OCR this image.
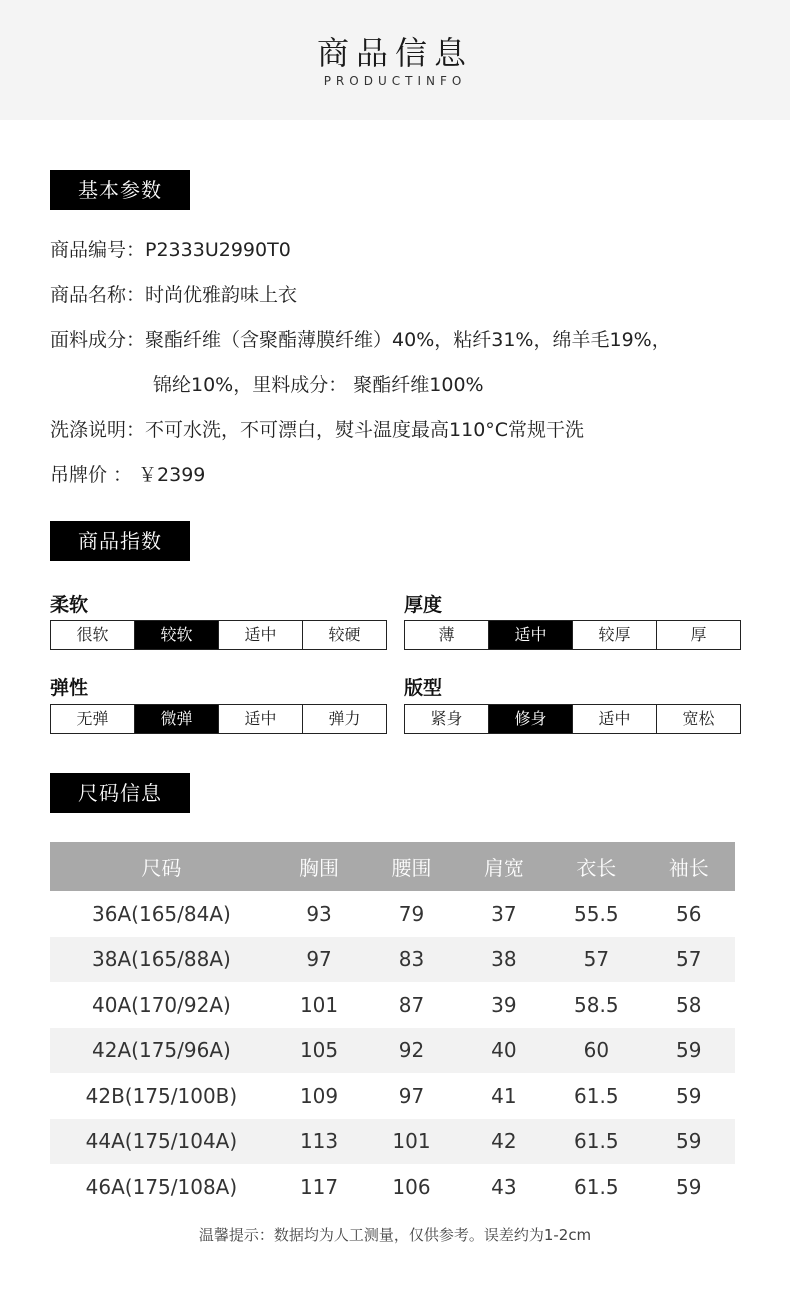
商品信息
PRODUCTINFO
基本参数
商品编号：P2333U2990T0
商品名称：时尚优雅韵味上衣
面料成分：聚酯纤维（含聚酯薄膜纤维）40%，粘纤31%，绵羊毛19%，
锦纶10%，里料成分： 聚酯纤维100%
洗涤说明：不可水洗，不可漂白，熨斗温度最高110°C常规干洗
吊牌价 ： ￥2399
商品指数
柔软
很软	较软	适中	较硬
厚度
薄	适中	较厚	厚
弹性
无弹	微弹	适中	弹力
版型
紧身	修身	适中	宽松
尺码信息
尺码	胸围	腰围	肩宽	衣长	袖长
36A(165/84A)	93	79	37	55.5	56
38A(165/88A)	97	83	38	57	57
40A(170/92A)	101	87	39	58.5	58
42A(175/96A)	105	92	40	60	59
42B(175/100B)	109	97	41	61.5	59
44A(175/104A)	113	101	42	61.5	59
46A(175/108A)	117	106	43	61.5	59
温馨提示：数据均为人工测量，仅供参考。误差约为1-2cm
